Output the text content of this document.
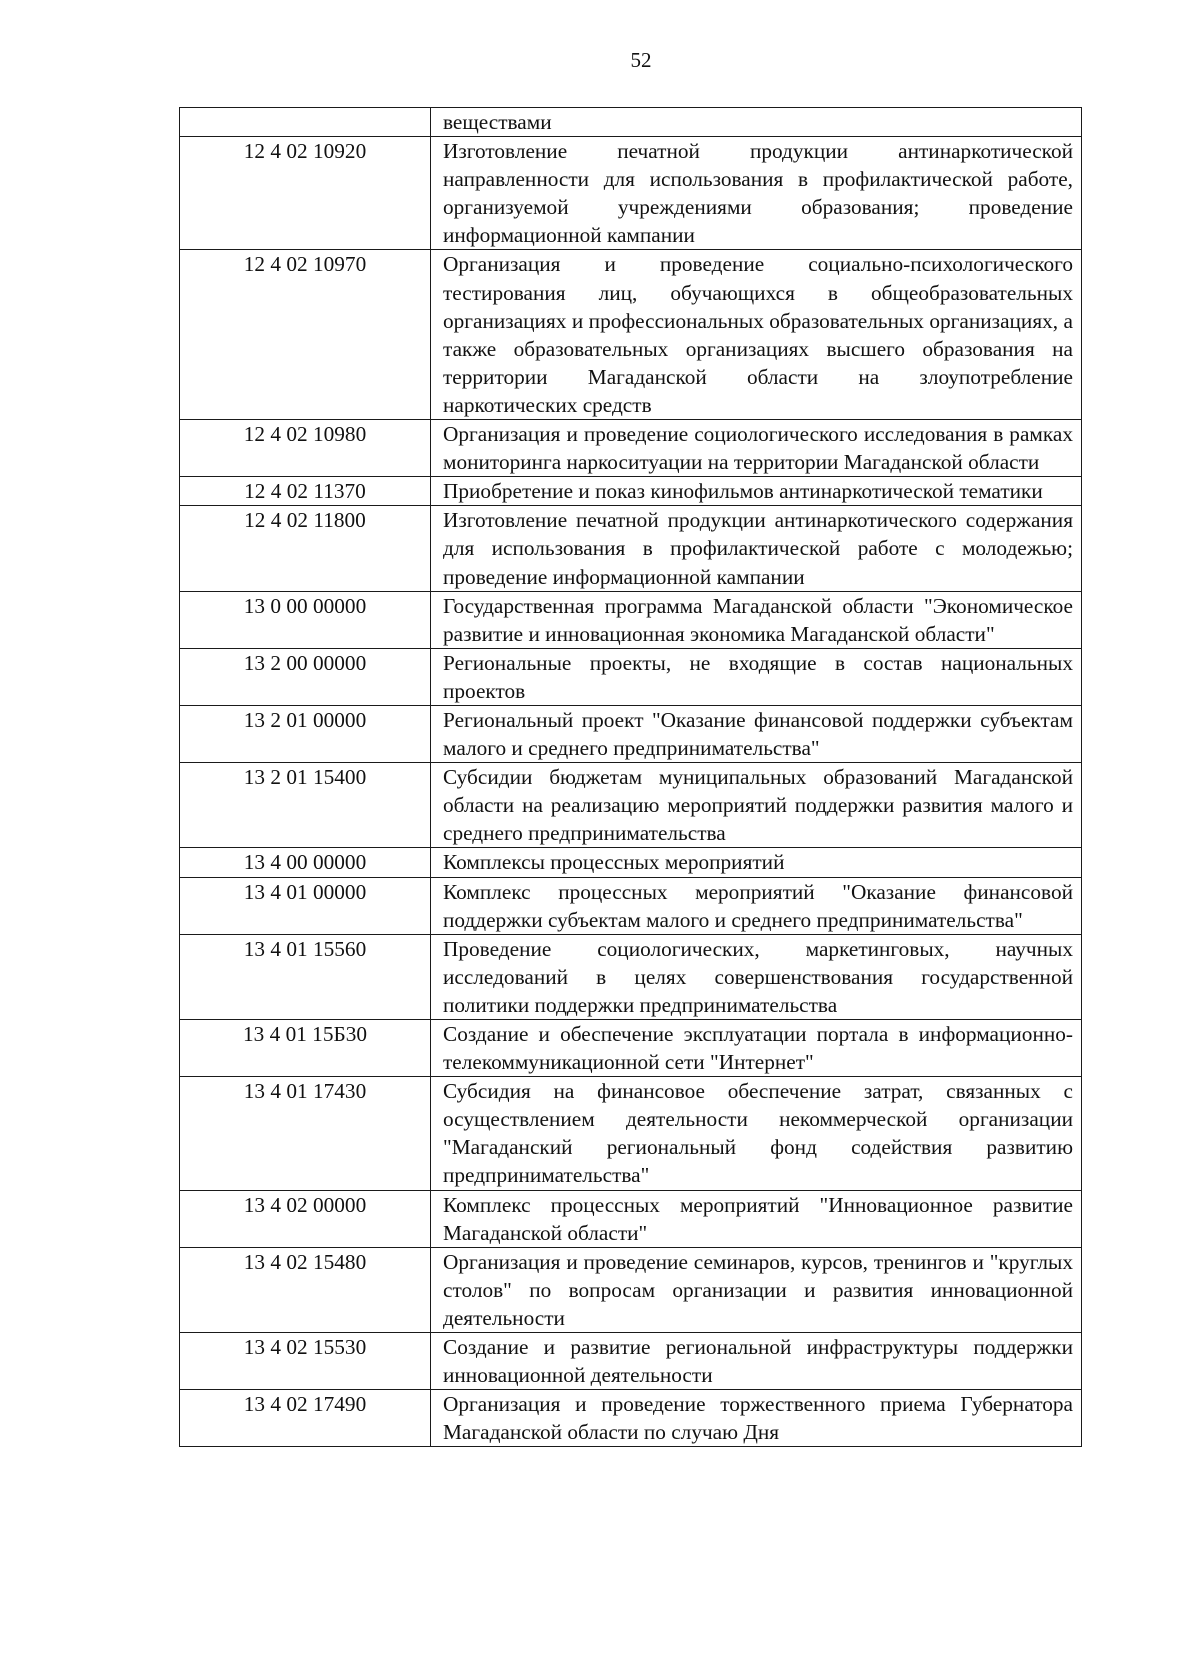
52
	веществами
12 4 02 10920	Изготовление печатной продукции антинаркотической направленности для использования в профилактической работе, организуемой учреждениями образования; проведение информационной кампании
12 4 02 10970	Организация и проведение социально-психологического тестирования лиц, обучающихся в общеобразовательных организациях и профессиональных образовательных организациях, а также образовательных организациях высшего образования на территории Магаданской области на злоупотребление наркотических средств
12 4 02 10980	Организация и проведение социологического исследования в рамках мониторинга наркоситуации на территории Магаданской области
12 4 02 11370	Приобретение и показ кинофильмов антинаркотической тематики
12 4 02 11800	Изготовление печатной продукции антинаркотического содержания для использования в профилактической работе с молодежью; проведение информационной кампании
13 0 00 00000	Государственная программа Магаданской области "Экономическое развитие и инновационная экономика Магаданской области"
13 2 00 00000	Региональные проекты, не входящие в состав национальных проектов
13 2 01 00000	Региональный проект "Оказание финансовой поддержки субъектам малого и среднего предпринимательства"
13 2 01 15400	Субсидии бюджетам муниципальных образований Магаданской области на реализацию мероприятий поддержки развития малого и среднего предпринимательства
13 4 00 00000	Комплексы процессных мероприятий
13 4 01 00000	Комплекс процессных мероприятий "Оказание финансовой поддержки субъектам малого и среднего предпринимательства"
13 4 01 15560	Проведение социологических, маркетинговых, научных исследований в целях совершенствования государственной политики поддержки предпринимательства
13 4 01 15Б30	Создание и обеспечение эксплуатации портала в информационно-телекоммуникационной сети "Интернет"
13 4 01 17430	Субсидия на финансовое обеспечение затрат, связанных с осуществлением деятельности некоммерческой организации "Магаданский региональный фонд содействия развитию предпринимательства"
13 4 02 00000	Комплекс процессных мероприятий "Инновационное развитие Магаданской области"
13 4 02 15480	Организация и проведение семинаров, курсов, тренингов и "круглых столов" по вопросам организации и развития инновационной деятельности
13 4 02 15530	Создание и развитие региональной инфраструктуры поддержки инновационной деятельности
13 4 02 17490	Организация и проведение торжественного приема Губернатора Магаданской области по случаю Дня
